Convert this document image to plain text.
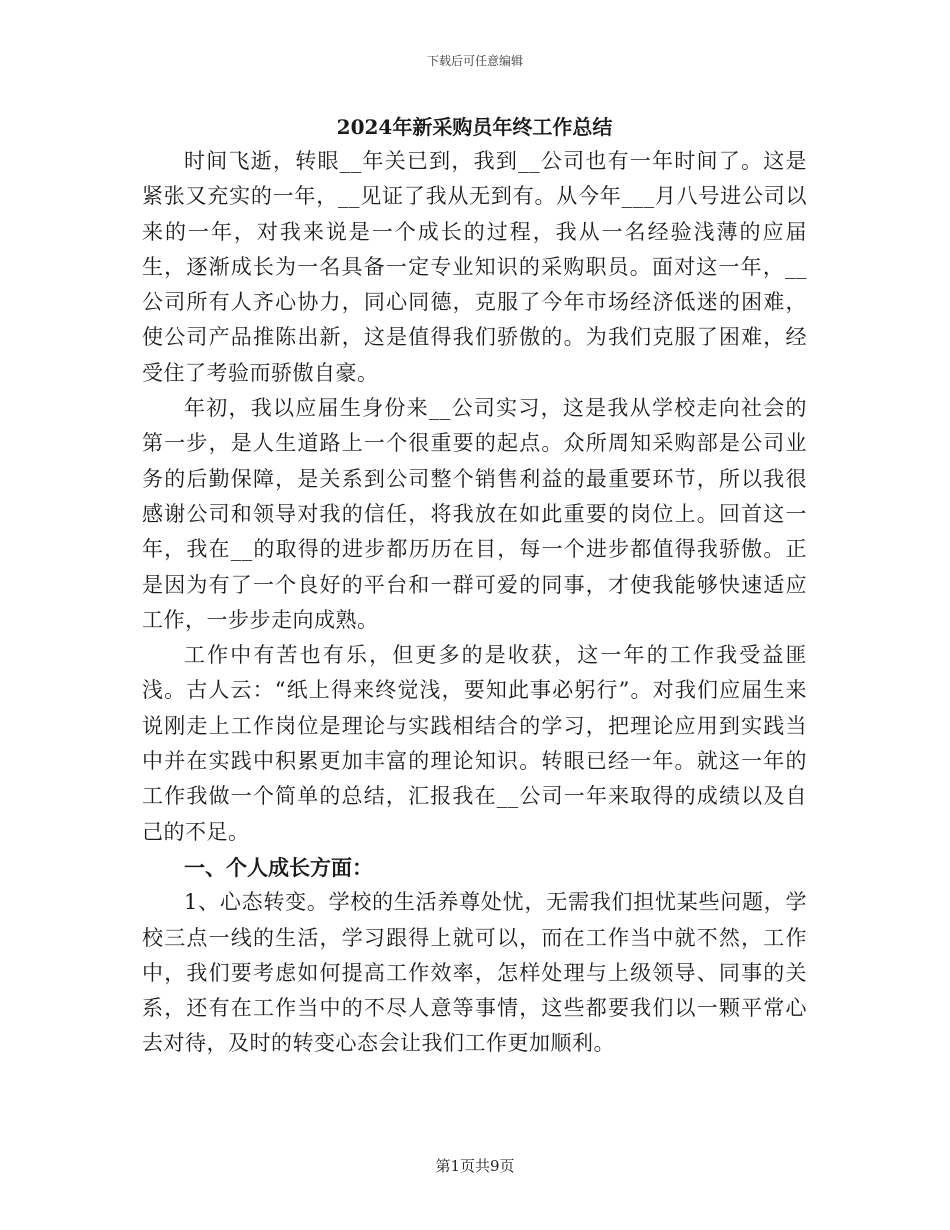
下载后可任意编辑
2024年新采购员年终工作总结

时间飞逝，转眼__年关已到，我到__公司也有一年时间了。这是紧张又充实的一年，__见证了我从无到有。从今年___月八号进公司以来的一年，对我来说是一个成长的过程，我从一名经验浅薄的应届生，逐渐成长为一名具备一定专业知识的采购职员。面对这一年，__公司所有人齐心协力，同心同德，克服了今年市场经济低迷的困难，使公司产品推陈出新，这是值得我们骄傲的。为我们克服了困难，经受住了考验而骄傲自豪。

年初，我以应届生身份来__公司实习，这是我从学校走向社会的第一步，是人生道路上一个很重要的起点。众所周知采购部是公司业务的后勤保障，是关系到公司整个销售利益的最重要环节，所以我很感谢公司和领导对我的信任，将我放在如此重要的岗位上。回首这一年，我在__的取得的进步都历历在目，每一个进步都值得我骄傲。正是因为有了一个良好的平台和一群可爱的同事，才使我能够快速适应工作，一步步走向成熟。

工作中有苦也有乐，但更多的是收获，这一年的工作我受益匪浅。古人云：“纸上得来终觉浅，要知此事必躬行”。对我们应届生来说刚走上工作岗位是理论与实践相结合的学习，把理论应用到实践当中并在实践中积累更加丰富的理论知识。转眼已经一年。就这一年的工作我做一个简单的总结，汇报我在__公司一年来取得的成绩以及自己的不足。

一、个人成长方面：

1、心态转变。学校的生活养尊处忧，无需我们担忧某些问题，学校三点一线的生活，学习跟得上就可以，而在工作当中就不然，工作中，我们要考虑如何提高工作效率，怎样处理与上级领导、同事的关系，还有在工作当中的不尽人意等事情，这些都要我们以一颗平常心去对待，及时的转变心态会让我们工作更加顺利。

第1页共9页
